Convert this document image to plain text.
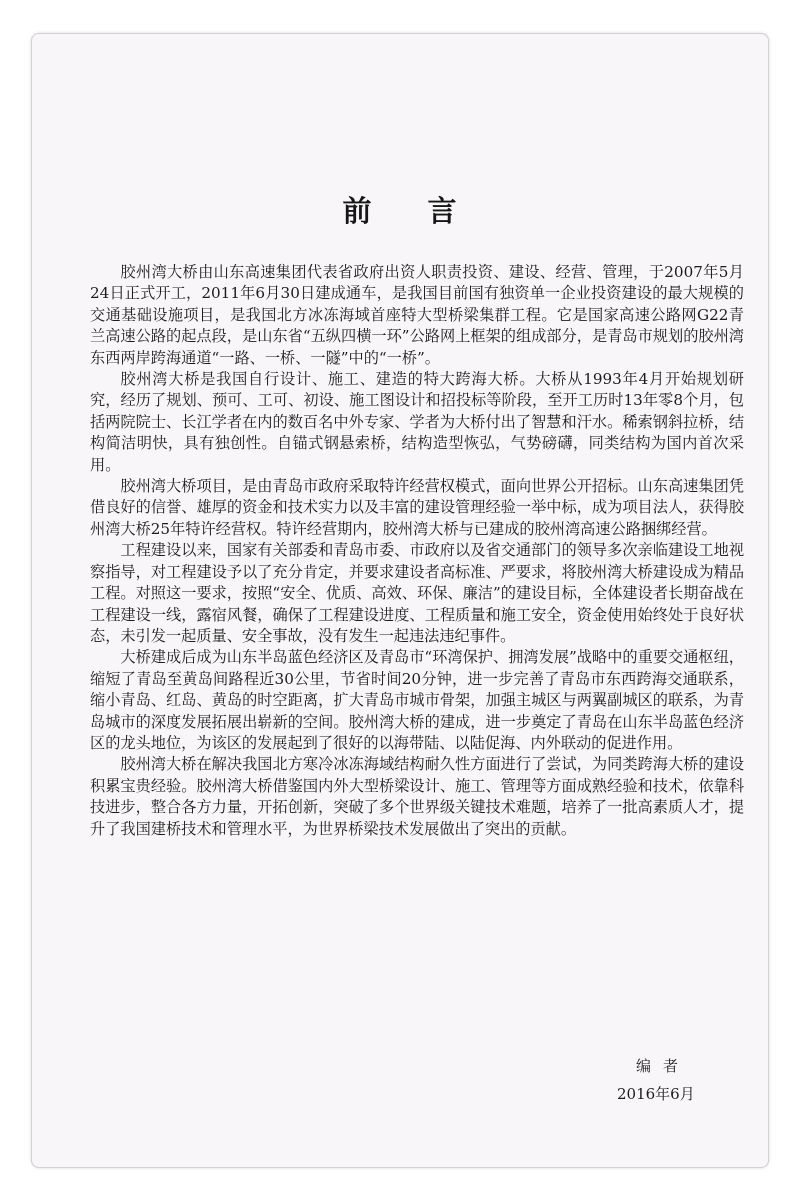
前 言

胶州湾大桥由山东高速集团代表省政府出资人职责投资、建设、经营、管理，于2007年5月24日正式开工，2011年6月30日建成通车，是我国目前国有独资单一企业投资建设的最大规模的交通基础设施项目，是我国北方冰冻海域首座特大型桥梁集群工程。它是国家高速公路网G22青兰高速公路的起点段，是山东省“五纵四横一环”公路网上框架的组成部分，是青岛市规划的胶州湾东西两岸跨海通道“一路、一桥、一隧”中的“一桥”。

胶州湾大桥是我国自行设计、施工、建造的特大跨海大桥。大桥从1993年4月开始规划研究，经历了规划、预可、工可、初设、施工图设计和招投标等阶段，至开工历时13年零8个月，包括两院院士、长江学者在内的数百名中外专家、学者为大桥付出了智慧和汗水。稀索钢斜拉桥，结构简洁明快，具有独创性。自锚式钢悬索桥，结构造型恢弘，气势磅礴，同类结构为国内首次采用。

胶州湾大桥项目，是由青岛市政府采取特许经营权模式，面向世界公开招标。山东高速集团凭借良好的信誉、雄厚的资金和技术实力以及丰富的建设管理经验一举中标，成为项目法人，获得胶州湾大桥25年特许经营权。特许经营期内，胶州湾大桥与已建成的胶州湾高速公路捆绑经营。

工程建设以来，国家有关部委和青岛市委、市政府以及省交通部门的领导多次亲临建设工地视察指导，对工程建设予以了充分肯定，并要求建设者高标准、严要求，将胶州湾大桥建设成为精品工程。对照这一要求，按照“安全、优质、高效、环保、廉洁”的建设目标，全体建设者长期奋战在工程建设一线，露宿风餐，确保了工程建设进度、工程质量和施工安全，资金使用始终处于良好状态，未引发一起质量、安全事故，没有发生一起违法违纪事件。

大桥建成后成为山东半岛蓝色经济区及青岛市“环湾保护、拥湾发展”战略中的重要交通枢纽，缩短了青岛至黄岛间路程近30公里，节省时间20分钟，进一步完善了青岛市东西跨海交通联系，缩小青岛、红岛、黄岛的时空距离，扩大青岛市城市骨架，加强主城区与两翼副城区的联系，为青岛城市的深度发展拓展出崭新的空间。胶州湾大桥的建成，进一步奠定了青岛在山东半岛蓝色经济区的龙头地位，为该区的发展起到了很好的以海带陆、以陆促海、内外联动的促进作用。

胶州湾大桥在解决我国北方寒冷冰冻海域结构耐久性方面进行了尝试，为同类跨海大桥的建设积累宝贵经验。胶州湾大桥借鉴国内外大型桥梁设计、施工、管理等方面成熟经验和技术，依靠科技进步，整合各方力量，开拓创新，突破了多个世界级关键技术难题，培养了一批高素质人才，提升了我国建桥技术和管理水平，为世界桥梁技术发展做出了突出的贡献。

编者
2016年6月
